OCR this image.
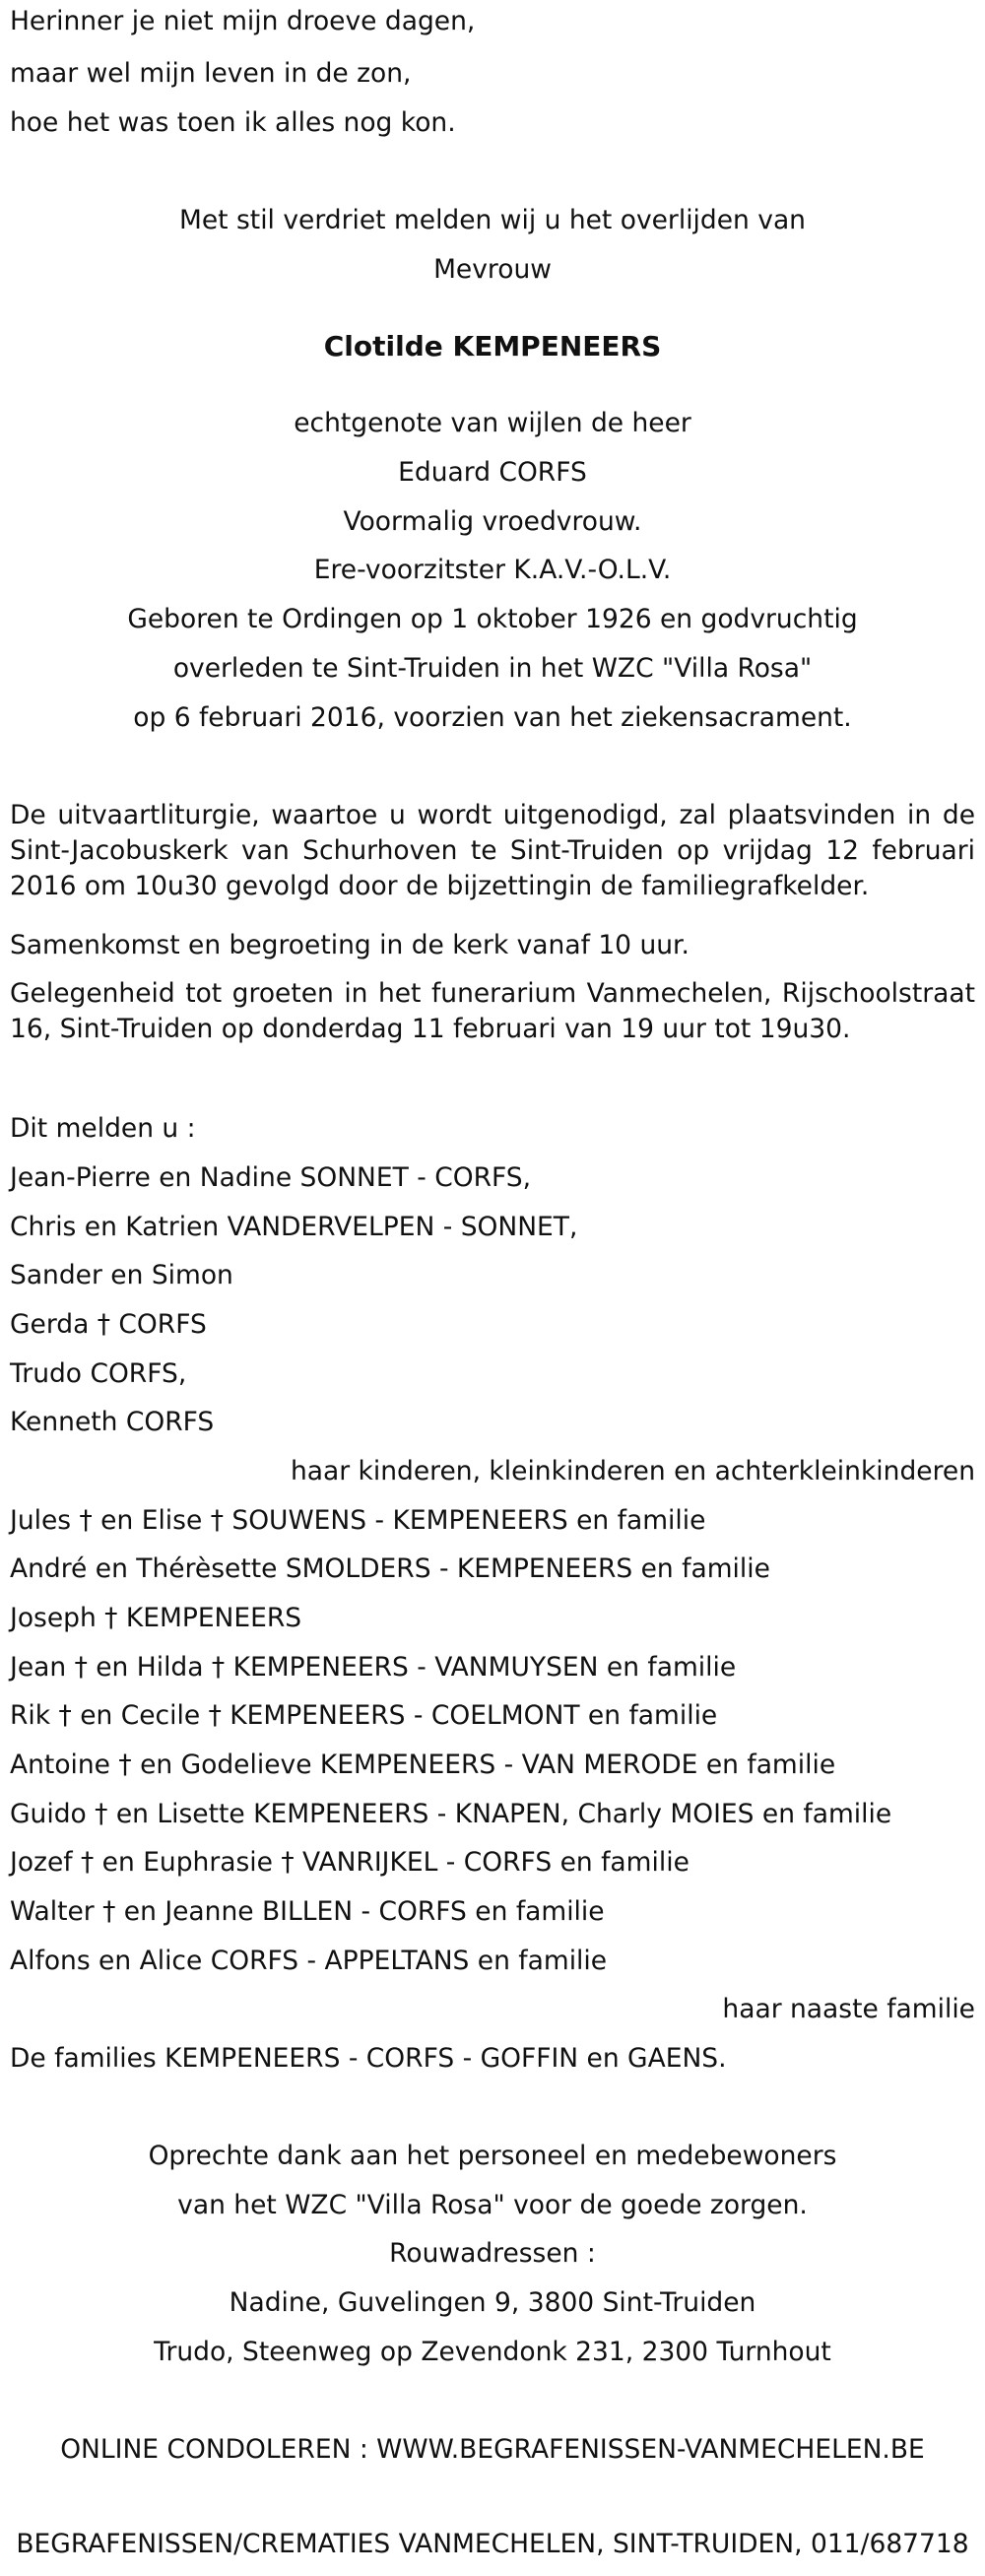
Herinner je niet mijn droeve dagen,
maar wel mijn leven in de zon,
hoe het was toen ik alles nog kon.
Met stil verdriet melden wij u het overlijden van
Mevrouw
Clotilde KEMPENEERS
echtgenote van wijlen de heer
Eduard CORFS
Voormalig vroedvrouw.
Ere-voorzitster K.A.V.-O.L.V.
Geboren te Ordingen op 1 oktober 1926 en godvruchtig
overleden te Sint-Truiden in het WZC "Villa Rosa"
op 6 februari 2016, voorzien van het ziekensacrament.
De uitvaartliturgie, waartoe u wordt uitgenodigd, zal plaatsvinden in de Sint-Jacobuskerk van Schurhoven te Sint-Truiden op vrijdag 12 februari 2016 om 10u30 gevolgd door de bijzettingin de familiegrafkelder.
Samenkomst en begroeting in de kerk vanaf 10 uur.
Gelegenheid tot groeten in het funerarium Vanmechelen, Rijschoolstraat 16, Sint-Truiden op donderdag 11 februari van 19 uur tot 19u30.
Dit melden u :
Jean-Pierre en Nadine SONNET - CORFS,
Chris en Katrien VANDERVELPEN - SONNET,
Sander en Simon
Gerda † CORFS
Trudo CORFS,
Kenneth CORFS
haar kinderen, kleinkinderen en achterkleinkinderen
Jules † en Elise † SOUWENS - KEMPENEERS en familie
André en Thérèsette SMOLDERS - KEMPENEERS en familie
Joseph † KEMPENEERS
Jean † en Hilda † KEMPENEERS - VANMUYSEN en familie
Rik † en Cecile † KEMPENEERS - COELMONT en familie
Antoine † en Godelieve KEMPENEERS - VAN MERODE en familie
Guido † en Lisette KEMPENEERS - KNAPEN, Charly MOIES en familie
Jozef † en Euphrasie † VANRIJKEL - CORFS en familie
Walter † en Jeanne BILLEN - CORFS en familie
Alfons en Alice CORFS - APPELTANS en familie
haar naaste familie
De families KEMPENEERS - CORFS - GOFFIN en GAENS.
Oprechte dank aan het personeel en medebewoners
van het WZC "Villa Rosa" voor de goede zorgen.
Rouwadressen :
Nadine, Guvelingen 9, 3800 Sint-Truiden
Trudo, Steenweg op Zevendonk 231, 2300 Turnhout
ONLINE CONDOLEREN : WWW.BEGRAFENISSEN-VANMECHELEN.BE
BEGRAFENISSEN/CREMATIES VANMECHELEN, SINT-TRUIDEN, 011/687718
